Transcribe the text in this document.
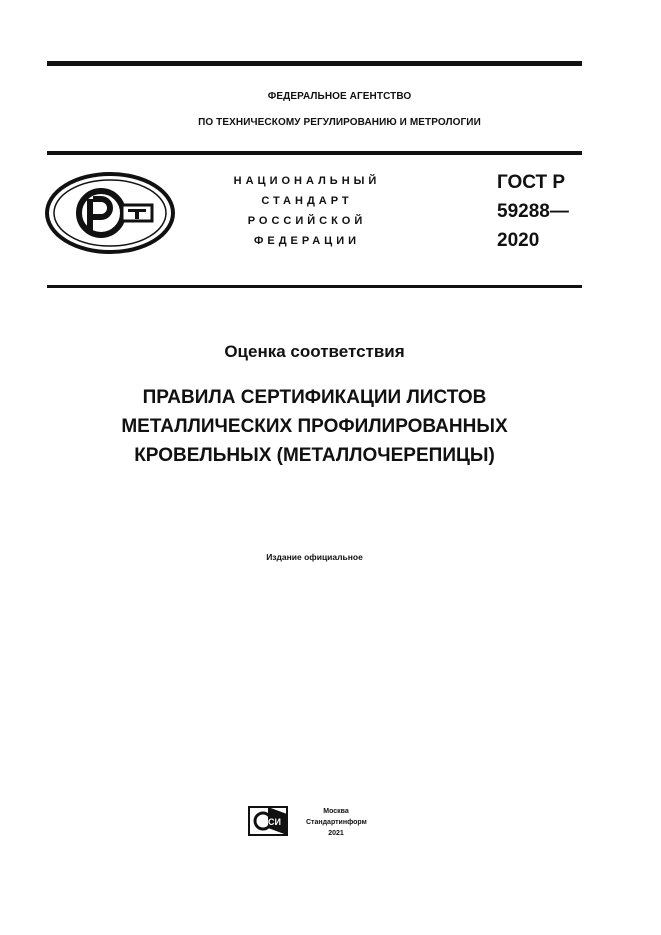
ФЕДЕРАЛЬНОЕ АГЕНТСТВО
ПО ТЕХНИЧЕСКОМУ РЕГУЛИРОВАНИЮ И МЕТРОЛОГИИ
НАЦИОНАЛЬНЫЙ
СТАНДАРТ
РОССИЙСКОЙ
ФЕДЕРАЦИИ
ГОСТ Р
59288—
2020
Оценка соответствия
ПРАВИЛА СЕРТИФИКАЦИИ ЛИСТОВ
МЕТАЛЛИЧЕСКИХ ПРОФИЛИРОВАННЫХ
КРОВЕЛЬНЫХ (МЕТАЛЛОЧЕРЕПИЦЫ)
Издание официальное
СИ
Москва
Стандартинформ
2021
